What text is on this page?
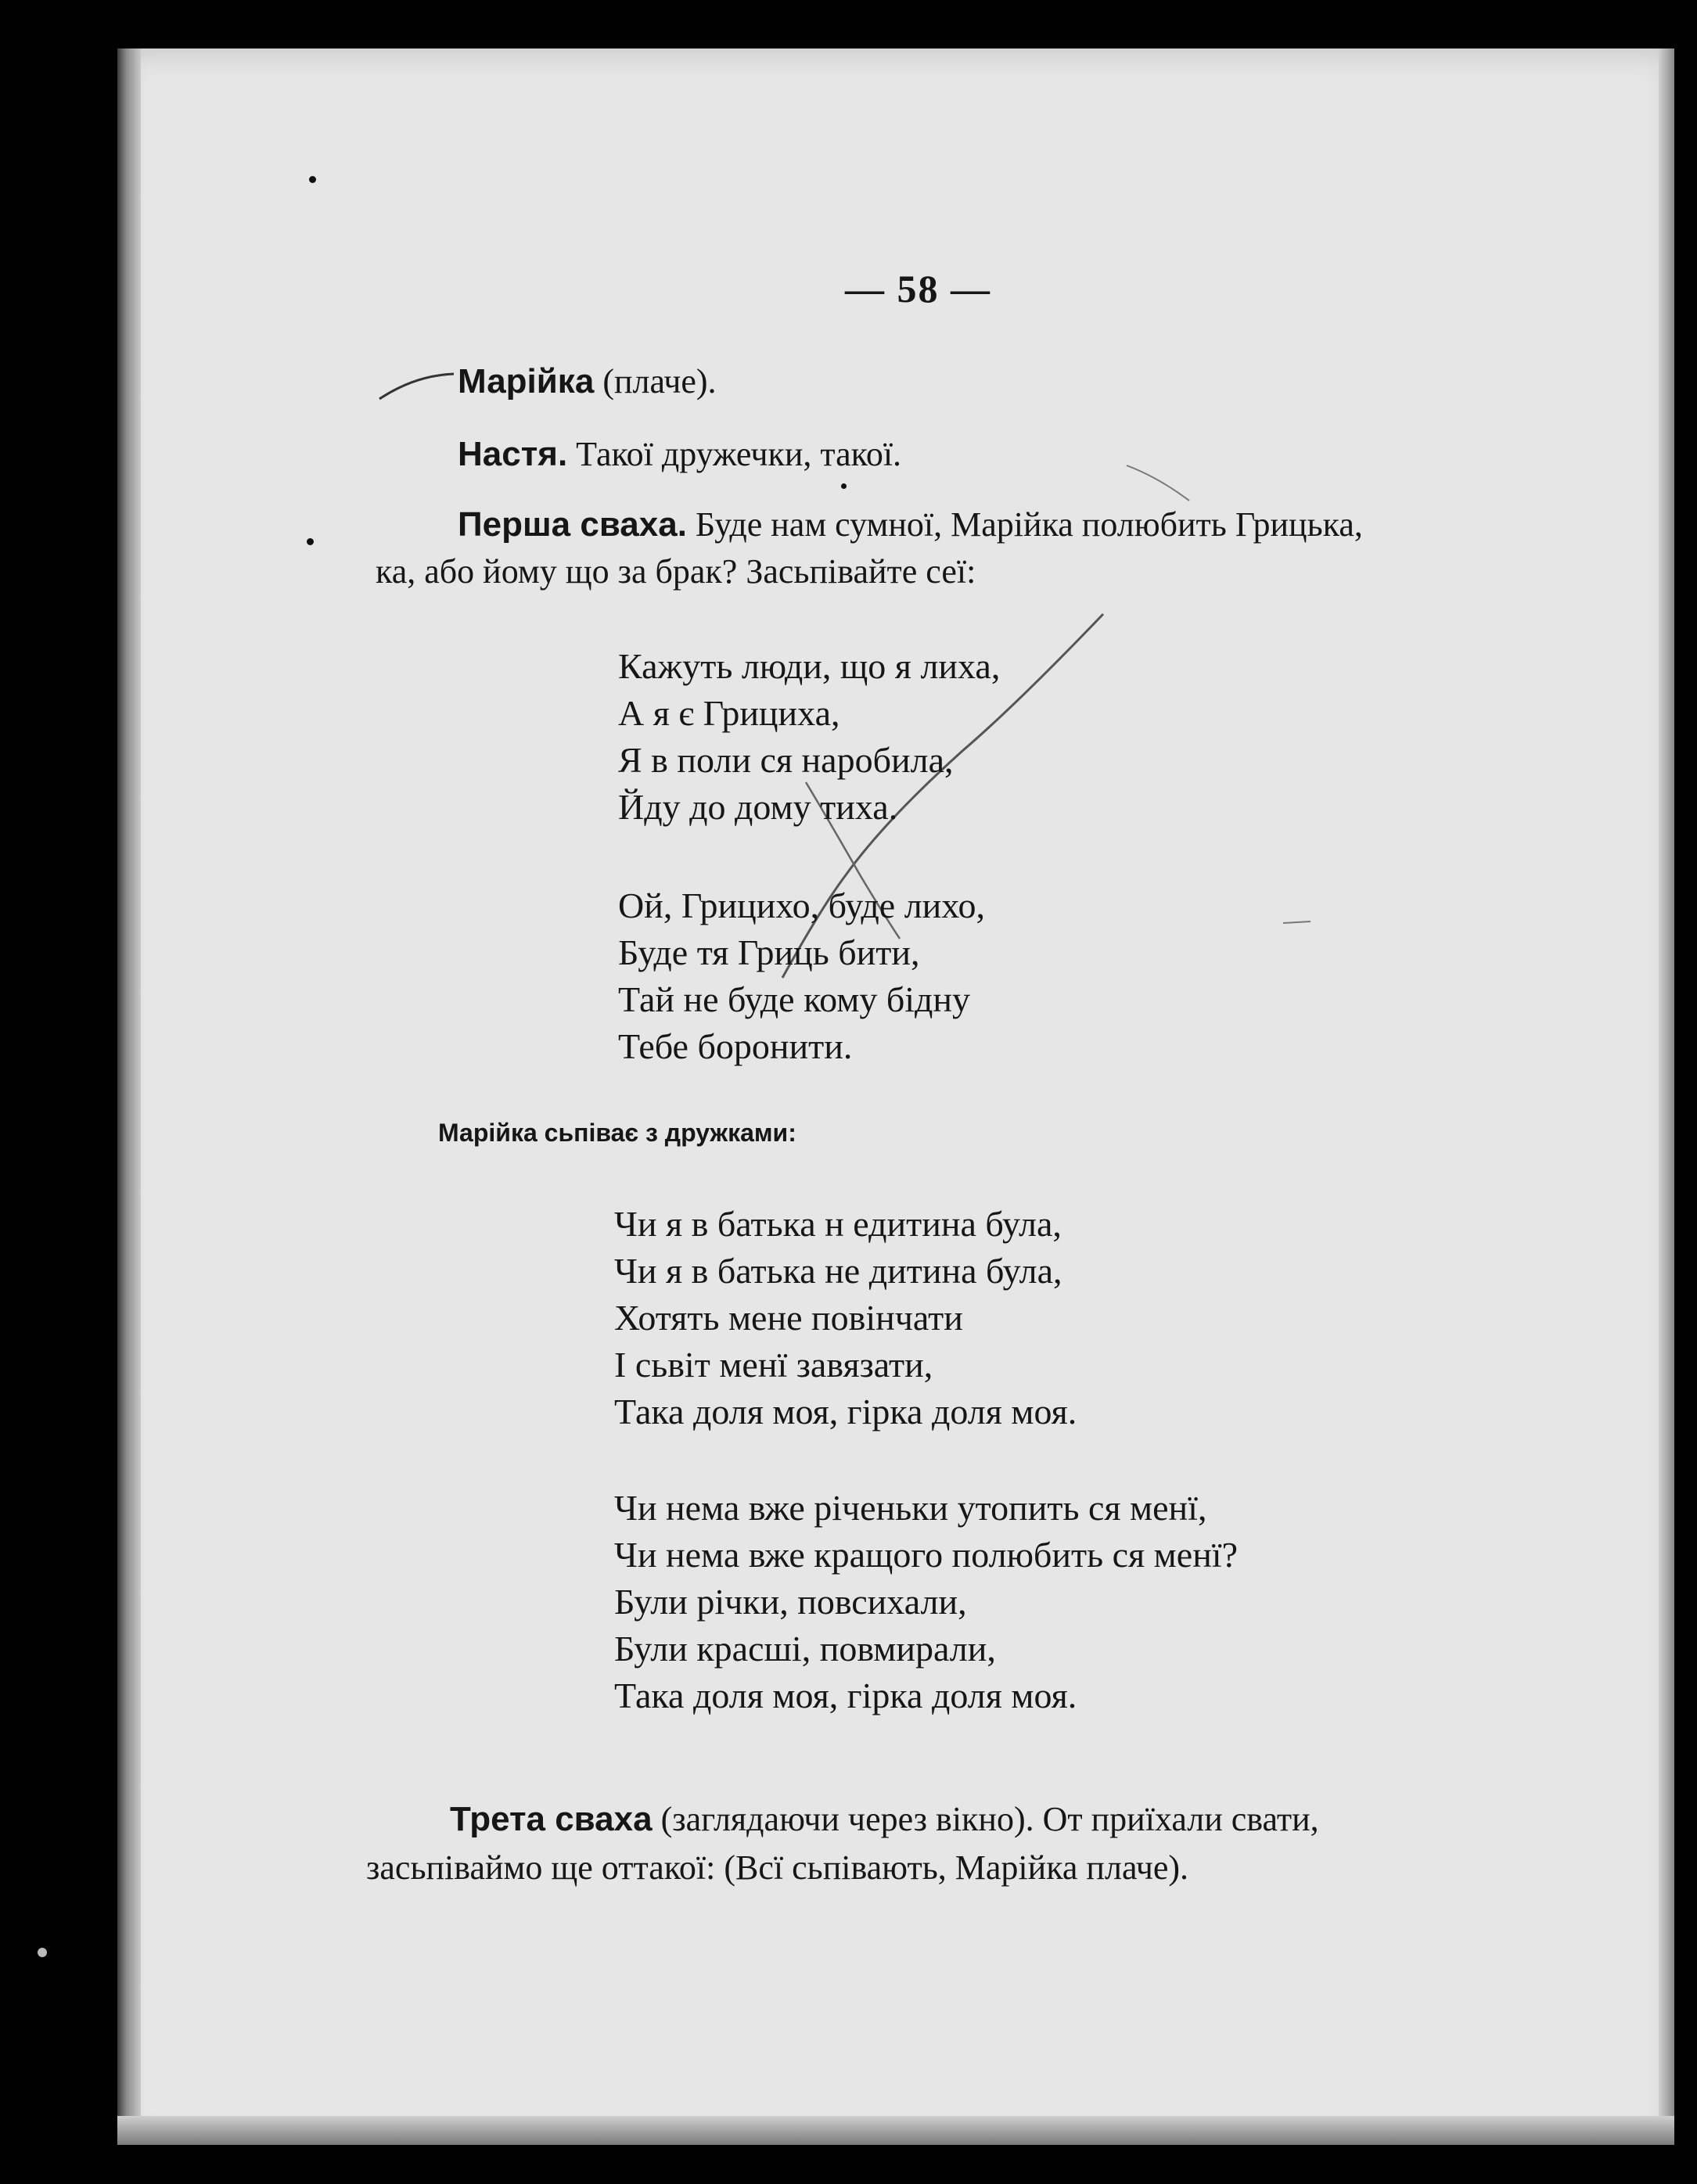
— 58 —
Марійка (плаче).
Настя. Такої дружечки, такої.
Перша сваха. Буде нам сумної, Марійка полюбить Грицька,
ка, або йому що за брак? Засьпівайте сеї:
Кажуть люди, що я лиха,
А я є Грициха,
Я в поли ся наробила,
Йду до дому тиха.
Ой, Грицихо, буде лихо,
Буде тя Гриць бити,
Тай не буде кому бідну
Тебе боронити.
Марійка сьпіває з дружками:
Чи я в батька н едитина була,
Чи я в батька не дитина була,
Хотять мене повінчати
І сьвіт менї завязати,
Така доля моя, гірка доля моя.
Чи нема вже річеньки утопить ся менї,
Чи нема вже кращого полюбить ся менї?
Були річки, повсихали,
Були красші, повмирали,
Така доля моя, гірка доля моя.
Трета сваха (заглядаючи через вікно). От приїхали свати,
засьпіваймо ще оттакої: (Всї сьпівають, Марійка плаче).
